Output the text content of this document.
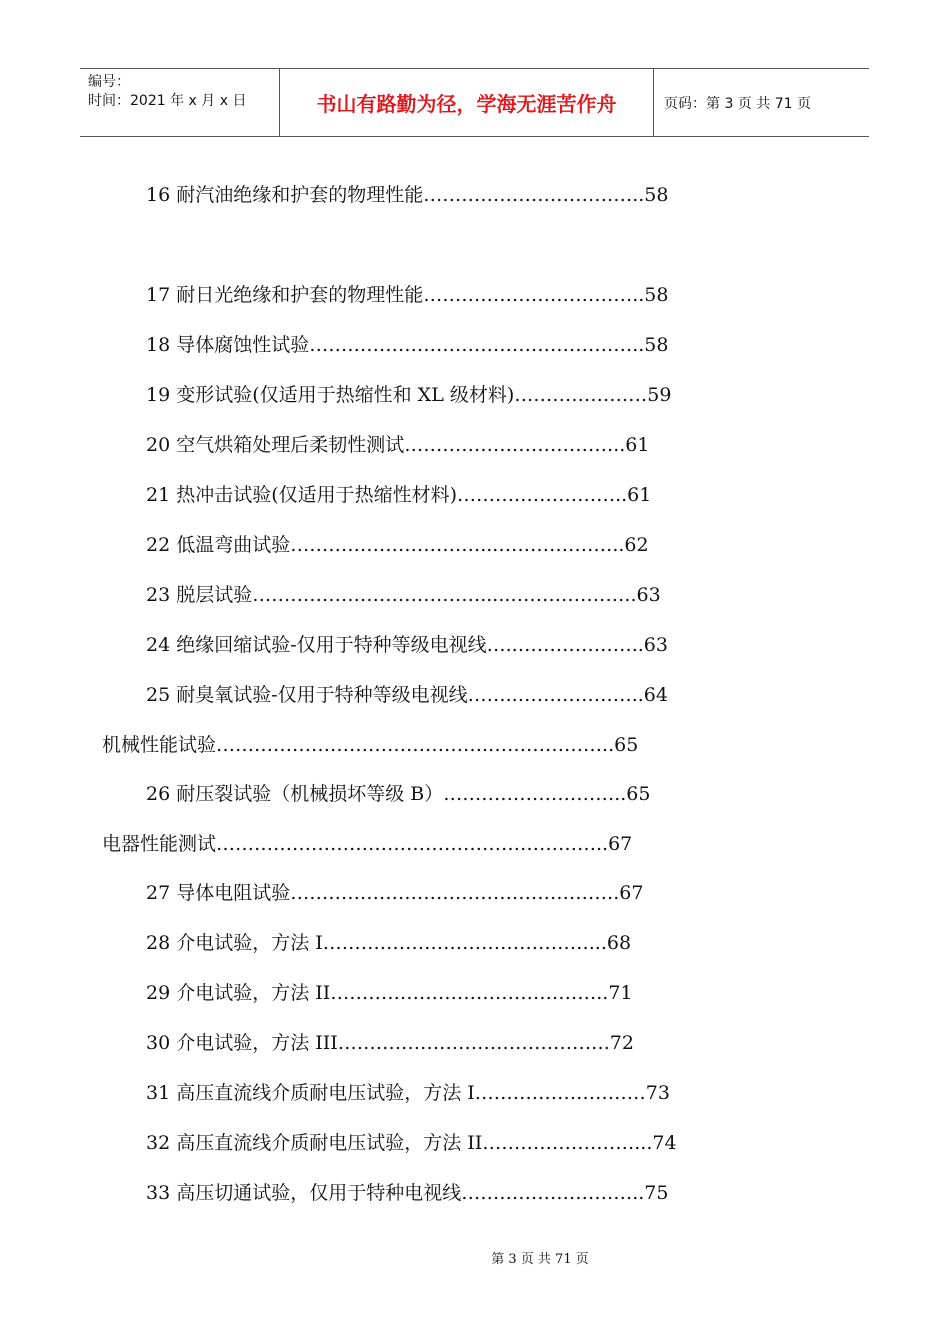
编号：
时间：2021 年 x 月 x 日	书山有路勤为径，学海无涯苦作舟	页码：第 3 页 共 71 页
16 耐汽油绝缘和护套的物理性能……………………………..58
17 耐日光绝缘和护套的物理性能……………………………..58
18 导体腐蚀性试验……………………………………………..58
19 变形试验(仅适用于热缩性和 XL 级材料)…………………59
20 空气烘箱处理后柔韧性测试……………………………..61
21 热冲击试验(仅适用于热缩性材料)……….……………..61
22 低温弯曲试验…………………………...………………..62
23 脱层试验……………………………….....………………..63
24 绝缘回缩试验-仅用于特种等级电视线…..………………..63
25 耐臭氧试验-仅用于特种等级电视线……..………………..64
机械性能试验…………………………………….………………..65
26 耐压裂试验（机械损坏等级 B）………………………..65
电器性能测试……………………………………………………..67
27 导体电阻试验…………………………………………….67
28 介电试验，方法 I……………………………………...68
29 介电试验，方法 II……………………………………..71
30 介电试验，方法 III…………………………………….72
31 高压直流线介质耐电压试验，方法 I………………………73
32 高压直流线介质耐电压试验，方法 II……………………...74
33 高压切通试验，仅用于特种电视线………………………..75
第 3 页 共 71 页
